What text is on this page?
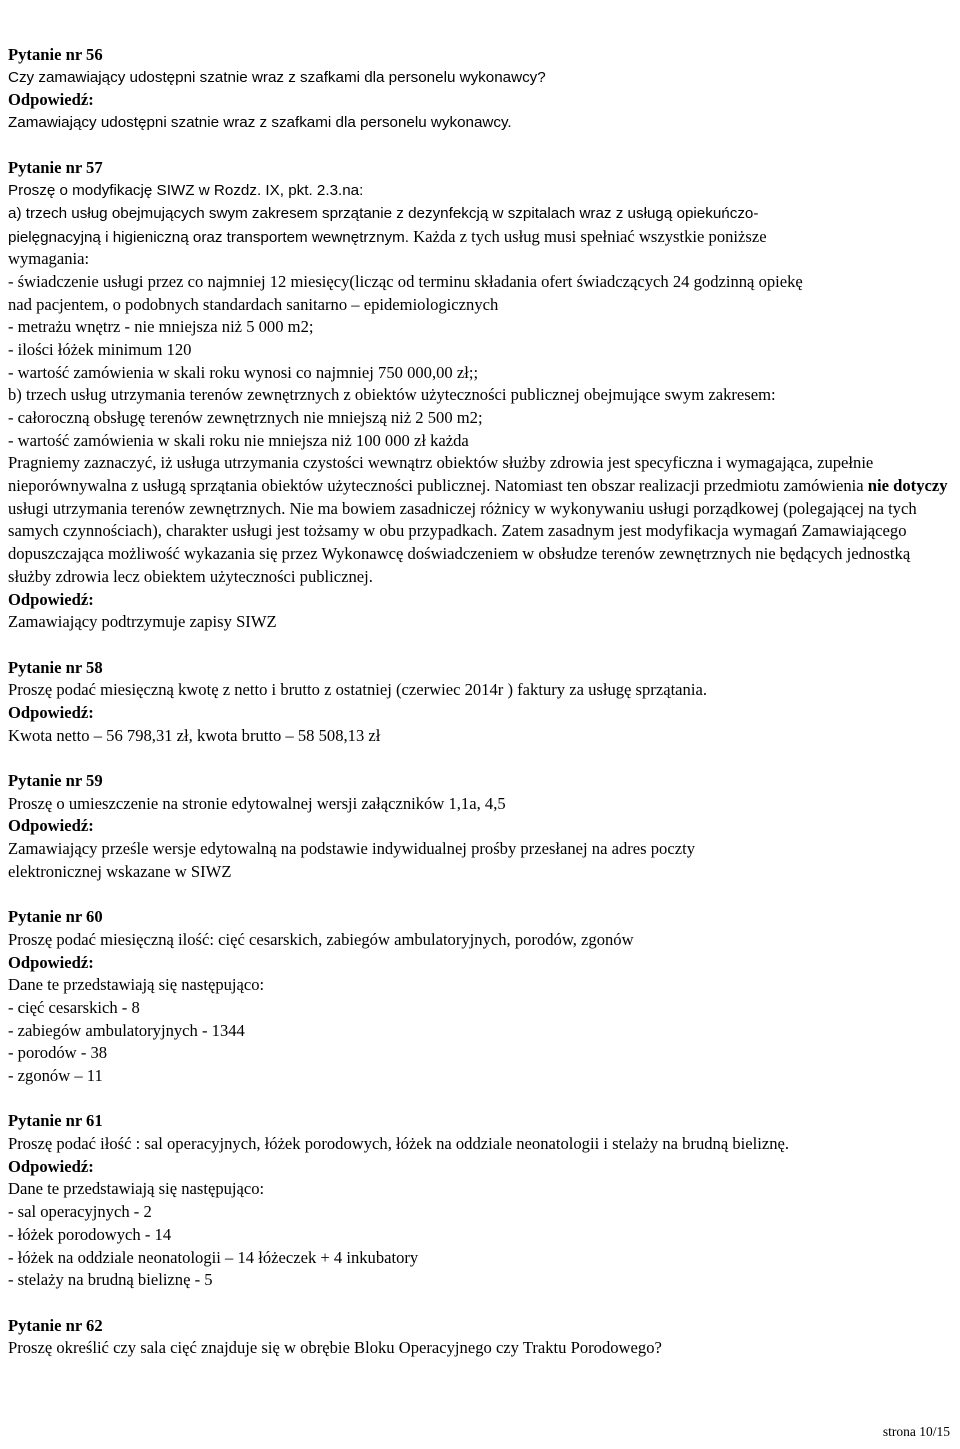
Pytanie nr 56
Czy zamawiający udostępni szatnie wraz z szafkami dla personelu wykonawcy?
Odpowiedź:
Zamawiający udostępni szatnie wraz z szafkami dla personelu wykonawcy.
Pytanie nr 57
Proszę o modyfikację SIWZ w Rozdz. IX, pkt. 2.3.na:
a) trzech usług obejmujących swym zakresem sprzątanie z dezynfekcją w szpitalach wraz z usługą opiekuńczo-
pielęgnacyjną i higieniczną oraz transportem wewnętrznym. Każda z tych usług musi spełniać wszystkie poniższe
wymagania:
- świadczenie usługi przez co najmniej 12 miesięcy(licząc od terminu składania ofert świadczących 24 godzinną opiekę
nad pacjentem, o podobnych standardach sanitarno – epidemiologicznych
- metrażu wnętrz - nie mniejsza niż 5 000 m2;
- ilości łóżek minimum 120
- wartość zamówienia w skali roku wynosi co najmniej 750 000,00 zł;;
b) trzech usług utrzymania terenów zewnętrznych z obiektów użyteczności publicznej obejmujące swym zakresem:
- całoroczną obsługę terenów zewnętrznych nie mniejszą niż 2 500 m2;
- wartość zamówienia w skali roku nie mniejsza niż 100 000 zł każda
Pragniemy zaznaczyć, iż usługa utrzymania czystości wewnątrz obiektów służby zdrowia jest specyficzna i wymagająca, zupełnie nieporównywalna z usługą sprzątania obiektów użyteczności publicznej. Natomiast ten obszar realizacji przedmiotu zamówienia nie dotyczy usługi utrzymania terenów zewnętrznych. Nie ma bowiem zasadniczej różnicy w wykonywaniu usługi porządkowej (polegającej na tych samych czynnościach), charakter usługi jest tożsamy w obu przypadkach. Zatem zasadnym jest modyfikacja wymagań Zamawiającego dopuszczająca możliwość wykazania się przez Wykonawcę doświadczeniem w obsłudze terenów zewnętrznych nie będących jednostką służby zdrowia lecz obiektem użyteczności publicznej.
Odpowiedź:
Zamawiający podtrzymuje zapisy SIWZ
Pytanie nr 58
Proszę podać miesięczną kwotę z netto i brutto z ostatniej (czerwiec 2014r ) faktury za usługę sprzątania.
Odpowiedź:
Kwota netto – 56 798,31 zł, kwota brutto – 58 508,13 zł
Pytanie nr 59
Proszę o umieszczenie na stronie edytowalnej wersji załączników 1,1a, 4,5
Odpowiedź:
Zamawiający prześle wersje edytowalną na podstawie indywidualnej prośby przesłanej na adres poczty
elektronicznej wskazane w SIWZ
Pytanie nr 60
Proszę podać miesięczną ilość: cięć cesarskich, zabiegów ambulatoryjnych, porodów, zgonów
Odpowiedź:
Dane te przedstawiają się następująco:
- cięć cesarskich - 8
- zabiegów ambulatoryjnych - 1344
- porodów - 38
- zgonów – 11
Pytanie nr 61
Proszę podać iłość : sal operacyjnych, łóżek porodowych, łóżek na oddziale neonatologii i stelaży na brudną bieliznę.
Odpowiedź:
Dane te przedstawiają się następująco:
- sal operacyjnych - 2
- łóżek porodowych - 14
- łóżek na oddziale neonatologii – 14 łóżeczek + 4 inkubatory
- stelaży na brudną bieliznę - 5
Pytanie nr 62
Proszę określić czy sala cięć znajduje się w obrębie Bloku Operacyjnego czy Traktu Porodowego?
strona 10/15
